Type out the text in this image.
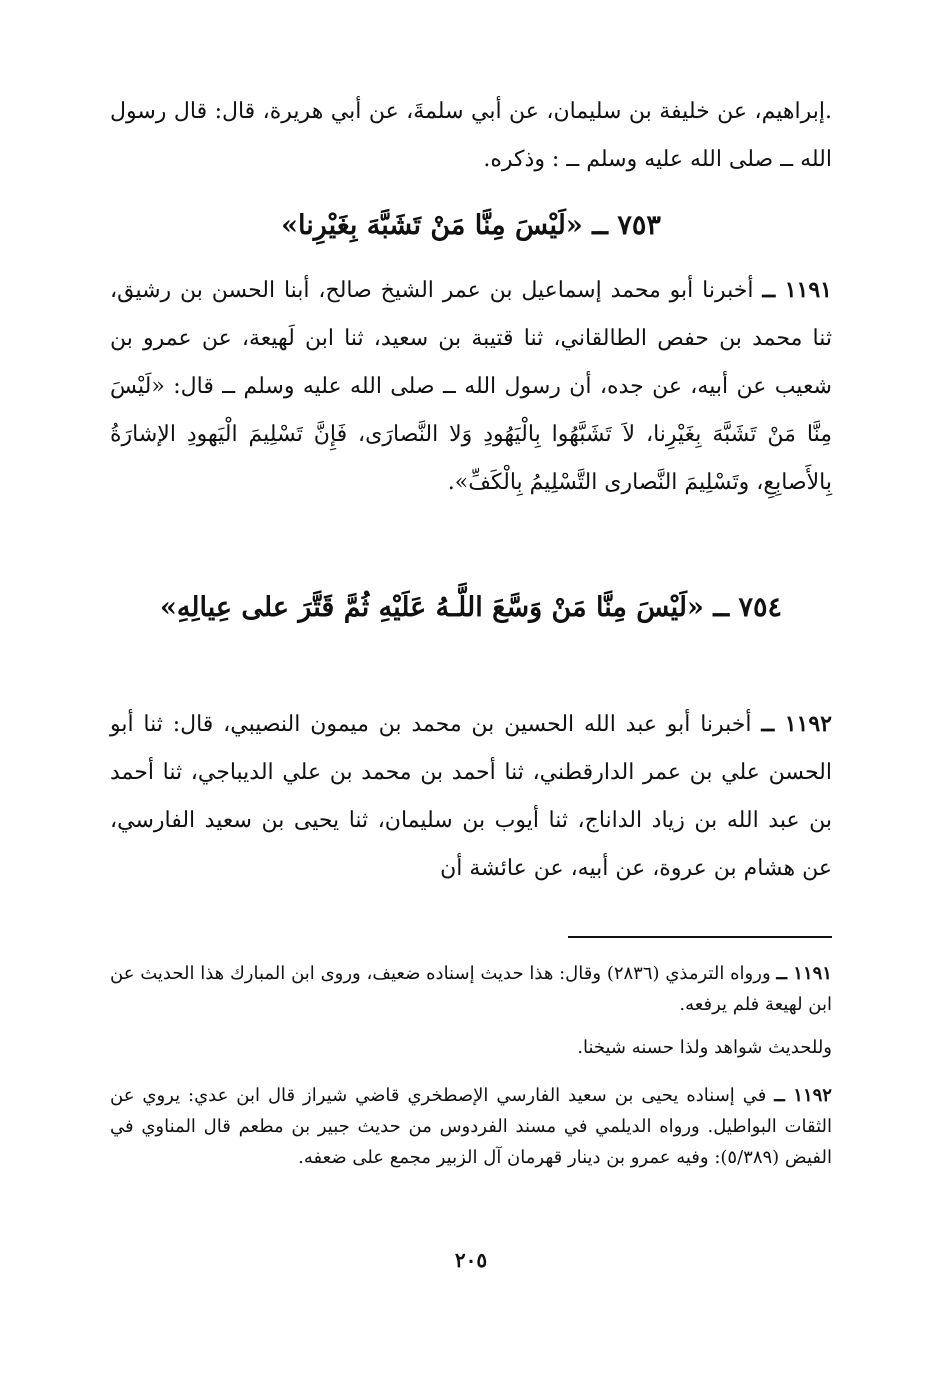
.إبراهيم، عن خليفة بن سليمان، عن أبي سلمةَ، عن أبي هريرة، قال: قال رسول الله ــ صلى الله عليه وسلم ــ : وذكره.

٧٥٣ ــ «لَيْسَ مِنَّا مَنْ تَشَبَّهَ بِغَيْرِنا»

١١٩١ ــ أخبرنا أبو محمد إسماعيل بن عمر الشيخ صالح، أبنا الحسن بن رشيق، ثنا محمد بن حفص الطالقاني، ثنا قتيبة بن سعيد، ثنا ابن لَهيعة، عن عمرو بن شعيب عن أبيه، عن جده، أن رسول الله ــ صلى الله عليه وسلم ــ قال: «لَيْسَ مِنَّا مَنْ تَشَبَّهَ بِغَيْرِنا، لاَ تَشَبَّهُوا بِالْيَهُودِ وَلا النَّصارَى، فَإِنَّ تَسْلِيمَ الْيَهودِ الإشارَةُ بِالأَصابِعِ، وتَسْلِيمَ النَّصارى التَّسْلِيمُ بِالْكَفِّ».

٧٥٤ ــ «لَيْسَ مِنَّا مَنْ وَسَّعَ اللَّـهُ عَلَيْهِ ثُمَّ قَتَّرَ على عِيالِهِ»

١١٩٢ ــ أخبرنا أبو عبد الله الحسين بن محمد بن ميمون النصيبي، قال: ثنا أبو الحسن علي بن عمر الدارقطني، ثنا أحمد بن محمد بن علي الديباجي، ثنا أحمد بن عبد الله بن زياد الداناج، ثنا أيوب بن سليمان، ثنا يحيى بن سعيد الفارسي، عن هشام بن عروة، عن أبيه، عن عائشة أن

١١٩١ ــ ورواه الترمذي (٢٨٣٦) وقال: هذا حديث إسناده ضعيف، وروى ابن المبارك هذا الحديث عن ابن لهيعة فلم يرفعه.

وللحديث شواهد ولذا حسنه شيخنا.

١١٩٢ ــ في إسناده يحيى بن سعيد الفارسي الإصطخري قاضي شيراز قال ابن عدي: يروي عن الثقات البواطيل. ورواه الديلمي في مسند الفردوس من حديث جبير بن مطعم قال المناوي في الفيض (٥/٣٨٩): وفيه عمرو بن دينار قهرمان آل الزبير مجمع على ضعفه.

٢٠٥
